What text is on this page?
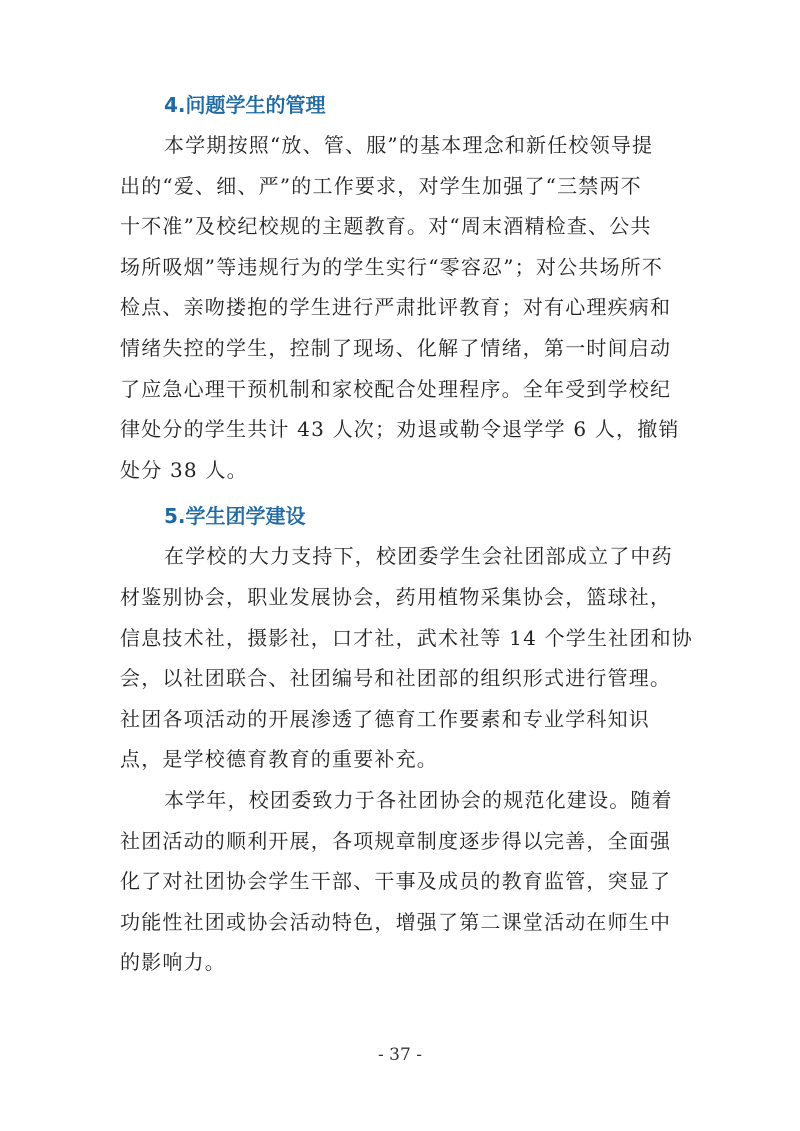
4.问题学生的管理

本学期按照“放、管、服”的基本理念和新任校领导提
出的“爱、细、严”的工作要求，对学生加强了“三禁两不
十不准”及校纪校规的主题教育。对“周末酒精检查、公共
场所吸烟”等违规行为的学生实行“零容忍”；对公共场所不
检点、亲吻搂抱的学生进行严肃批评教育；对有心理疾病和
情绪失控的学生，控制了现场、化解了情绪，第一时间启动
了应急心理干预机制和家校配合处理程序。全年受到学校纪
律处分的学生共计 43 人次；劝退或勒令退学学 6 人，撤销
处分 38 人。

5.学生团学建设

在学校的大力支持下，校团委学生会社团部成立了中药
材鉴别协会，职业发展协会，药用植物采集协会，篮球社，
信息技术社，摄影社，口才社，武术社等 14 个学生社团和协
会，以社团联合、社团编号和社团部的组织形式进行管理。
社团各项活动的开展渗透了德育工作要素和专业学科知识
点，是学校德育教育的重要补充。

本学年，校团委致力于各社团协会的规范化建设。随着
社团活动的顺利开展，各项规章制度逐步得以完善，全面强
化了对社团协会学生干部、干事及成员的教育监管，突显了
功能性社团或协会活动特色，增强了第二课堂活动在师生中
的影响力。

- 37 -
